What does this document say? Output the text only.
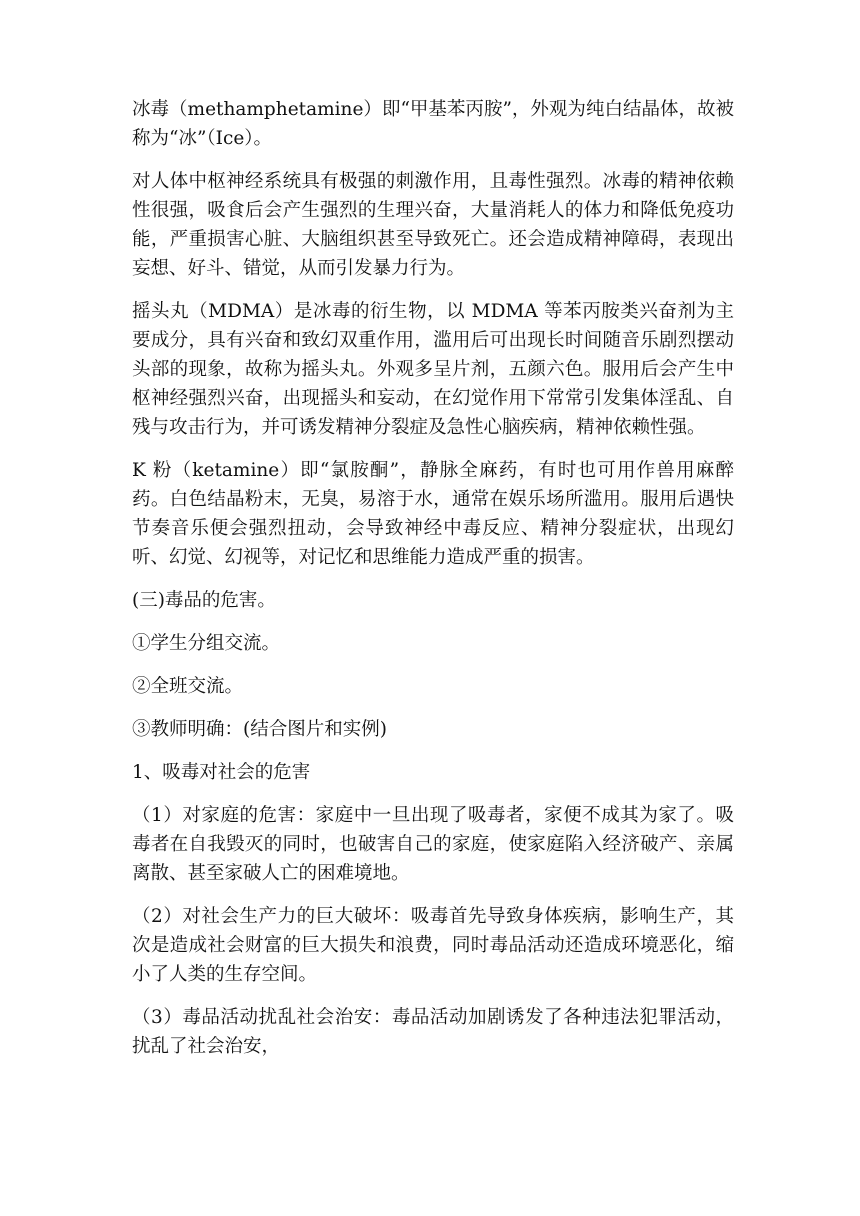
冰毒（methamphetamine）即“甲基苯丙胺”，外观为纯白结晶体，故被称为“冰”（Ice）。

对人体中枢神经系统具有极强的刺激作用，且毒性强烈。冰毒的精神依赖性很强，吸食后会产生强烈的生理兴奋，大量消耗人的体力和降低免疫功能，严重损害心脏、大脑组织甚至导致死亡。还会造成精神障碍，表现出妄想、好斗、错觉，从而引发暴力行为。

摇头丸（MDMA）是冰毒的衍生物，以 MDMA 等苯丙胺类兴奋剂为主要成分，具有兴奋和致幻双重作用，滥用后可出现长时间随音乐剧烈摆动头部的现象，故称为摇头丸。外观多呈片剂，五颜六色。服用后会产生中枢神经强烈兴奋，出现摇头和妄动，在幻觉作用下常常引发集体淫乱、自残与攻击行为，并可诱发精神分裂症及急性心脑疾病，精神依赖性强。

K 粉（ketamine）即“氯胺酮”，静脉全麻药，有时也可用作兽用麻醉药。白色结晶粉末，无臭，易溶于水，通常在娱乐场所滥用。服用后遇快节奏音乐便会强烈扭动，会导致神经中毒反应、精神分裂症状，出现幻听、幻觉、幻视等，对记忆和思维能力造成严重的损害。

(三)毒品的危害。

①学生分组交流。

②全班交流。

③教师明确：(结合图片和实例)

1、吸毒对社会的危害

（1）对家庭的危害：家庭中一旦出现了吸毒者，家便不成其为家了。吸毒者在自我毁灭的同时，也破害自己的家庭，使家庭陷入经济破产、亲属离散、甚至家破人亡的困难境地。

（2）对社会生产力的巨大破坏：吸毒首先导致身体疾病，影响生产，其次是造成社会财富的巨大损失和浪费，同时毒品活动还造成环境恶化，缩小了人类的生存空间。

（3）毒品活动扰乱社会治安：毒品活动加剧诱发了各种违法犯罪活动，扰乱了社会治安，
